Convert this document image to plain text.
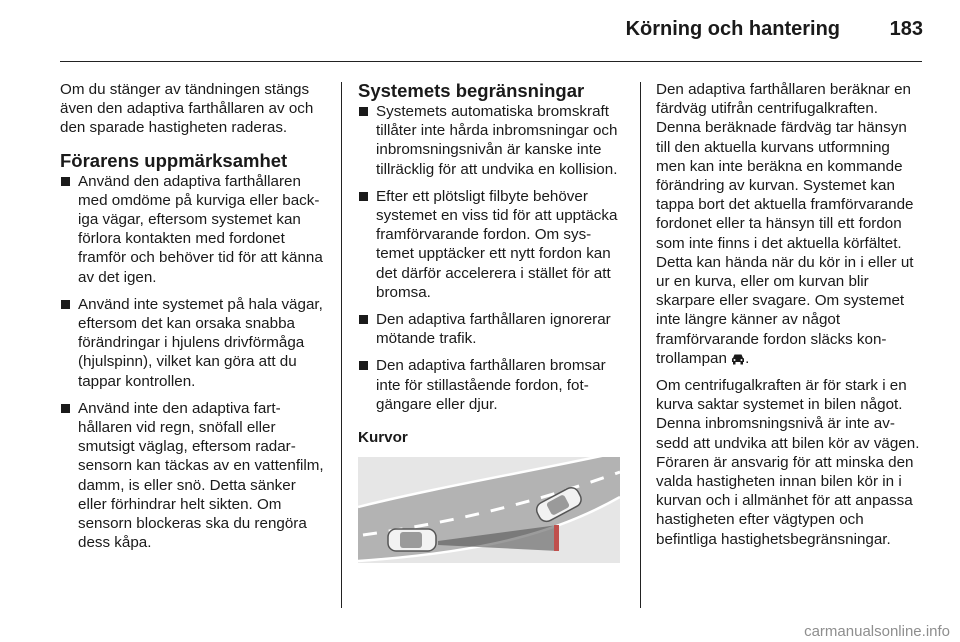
Körning och hantering 183

Om du stänger av tändningen stängs även den adaptiva farthållaren av och den sparade hastigheten raderas.

Förarens uppmärksamhet
Använd den adaptiva farthållaren med omdöme på kurviga eller backiga vägar, eftersom systemet kan förlora kontakten med fordonet framför och behöver tid för att känna av det igen.
Använd inte systemet på hala vägar, eftersom det kan orsaka snabba förändringar i hjulens drivförmåga (hjulspinn), vilket kan göra att du tappar kontrollen.
Använd inte den adaptiva farthållaren vid regn, snöfall eller smutsigt väglag, eftersom radarsensorn kan täckas av en vattenfilm, damm, is eller snö. Detta sänker eller förhindrar helt sikten. Om sensorn blockeras ska du rengöra dess kåpa.
Systemets begränsningar
Systemets automatiska bromskraft tillåter inte hårda inbromsningar och inbromsningsnivån är kanske inte tillräcklig för att undvika en kollision.
Efter ett plötsligt filbyte behöver systemet en viss tid för att upptäcka framförvarande fordon. Om systemet upptäcker ett nytt fordon kan det därför accelerera i stället för att bromsa.
Den adaptiva farthållaren ignorerar mötande trafik.
Den adaptiva farthållaren bromsar inte för stillastående fordon, fotgängare eller djur.
Kurvor

Den adaptiva farthållaren beräknar en färdväg utifrån centrifugalkraften. Denna beräknade färdväg tar hänsyn till den aktuella kurvans utformning men kan inte beräkna en kommande förändring av kurvan. Systemet kan tappa bort det aktuella framförvarande fordonet eller ta hänsyn till ett fordon som inte finns i det aktuella körfältet. Detta kan hända när du kör in i eller ut ur en kurva, eller om kurvan blir skarpare eller svagare. Om systemet inte längre känner av något framförvarande fordon släcks kontrollampan .

Om centrifugalkraften är för stark i en kurva saktar systemet in bilen något. Denna inbromsningsnivå är inte avsedd att undvika att bilen kör av vägen. Föraren är ansvarig för att minska den valda hastigheten innan bilen kör in i kurvan och i allmänhet för att anpassa hastigheten efter vägtypen och befintliga hastighetsbegränsningar.

carmanualsonline.info
